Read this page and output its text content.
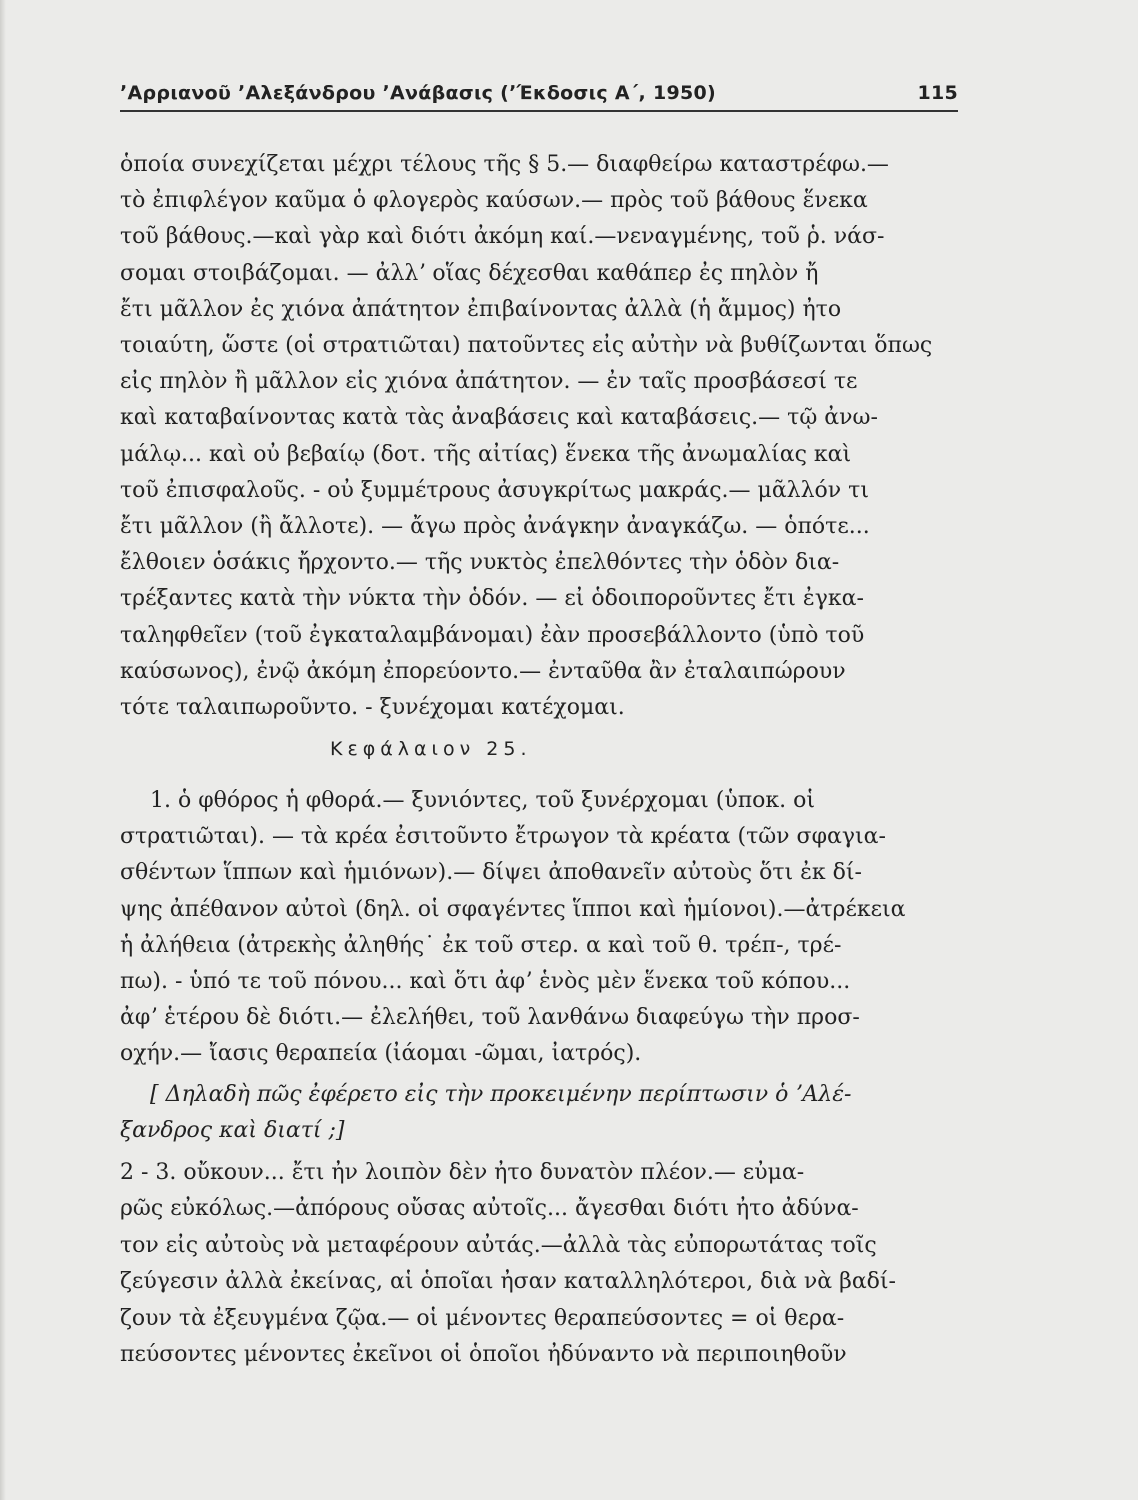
ʼΑρριανοῦ ʼΑλεξάνδρου ʼΑνάβασις (ʼΈκδοσις Α΄, 1950)	115
ὁποία συνεχίζεται μέχρι τέλους τῆς § 5.— διαφθείρω καταστρέφω.—
τὸ ἐπιφλέγον καῦμα ὁ φλογερὸς καύσων.— πρὸς τοῦ βάθους ἕνεκα
τοῦ βάθους.—καὶ γὰρ καὶ διότι ἀκόμη καί.—νεναγμένης, τοῦ ῥ. νάσ-
σομαι στοιβάζομαι. — ἀλλʼ οἵας δέχεσθαι καθάπερ ἐς πηλὸν ἤ
ἔτι μᾶλλον ἐς χιόνα ἀπάτητον ἐπιβαίνοντας ἀλλὰ (ἡ ἄμμος) ἦτο
τοιαύτη, ὥστε (οἱ στρατιῶται) πατοῦντες εἰς αὐτὴν νὰ βυθίζωνται ὅπως
εἰς πηλὸν ἢ μᾶλλον εἰς χιόνα ἀπάτητον. — ἐν ταῖς προσβάσεσί τε
καὶ καταβαίνοντας κατὰ τὰς ἀναβάσεις καὶ καταβάσεις.— τῷ ἀνω-
μάλῳ... καὶ οὐ βεβαίῳ (δοτ. τῆς αἰτίας) ἕνεκα τῆς ἀνωμαλίας καὶ
τοῦ ἐπισφαλοῦς. - οὐ ξυμμέτρους ἀσυγκρίτως μακράς.— μᾶλλόν τι
ἔτι μᾶλλον (ἢ ἄλλοτε). — ἄγω πρὸς ἀνάγκην ἀναγκάζω. — ὁπότε...
ἔλθοιεν ὁσάκις ἤρχοντο.— τῆς νυκτὸς ἐπελθόντες τὴν ὁδὸν δια-
τρέξαντες κατὰ τὴν νύκτα τὴν ὁδόν. — εἰ ὁδοιποροῦντες ἔτι ἐγκα-
ταληφθεῖεν (τοῦ ἐγκαταλαμβάνομαι) ἐὰν προσεβάλλοντο (ὑπὸ τοῦ
καύσωνος), ἐνῷ ἀκόμη ἐπορεύοντο.— ἐνταῦθα ἂν ἐταλαιπώρουν
τότε ταλαιπωροῦντο. - ξυνέχομαι κατέχομαι.
Κεφάλαιον 25.
1. ὁ φθόρος ἡ φθορά.— ξυνιόντες, τοῦ ξυνέρχομαι (ὑποκ. οἱ
στρατιῶται). — τὰ κρέα ἐσιτοῦντο ἔτρωγον τὰ κρέατα (τῶν σφαγια-
σθέντων ἵππων καὶ ἡμιόνων).— δίψει ἀποθανεῖν αὐτοὺς ὅτι ἐκ δί-
ψης ἀπέθανον αὐτοὶ (δηλ. οἱ σφαγέντες ἵπποι καὶ ἡμίονοι).—ἀτρέκεια
ἡ ἀλήθεια (ἀτρεκὴς ἀληθής˙ ἐκ τοῦ στερ. α καὶ τοῦ θ. τρέπ-, τρέ-
πω). - ὑπό τε τοῦ πόνου... καὶ ὅτι ἀφʼ ἑνὸς μὲν ἕνεκα τοῦ κόπου...
ἀφʼ ἑτέρου δὲ διότι.— ἐλελήθει, τοῦ λανθάνω διαφεύγω τὴν προσ-
οχήν.— ἴασις θεραπεία (ἰάομαι -ῶμαι, ἰατρός).
[ Δηλαδὴ πῶς ἐφέρετο εἰς τὴν προκειμένην περίπτωσιν ὁ ʼΑλέ-
ξανδρος καὶ διατί ;]
2 - 3. οὔκουν... ἔτι ἦν λοιπὸν δὲν ἦτο δυνατὸν πλέον.— εὐμα-
ρῶς εὐκόλως.—ἀπόρους οὔσας αὐτοῖς... ἄγεσθαι διότι ἦτο ἀδύνα-
τον εἰς αὐτοὺς νὰ μεταφέρουν αὐτάς.—ἀλλὰ τὰς εὐπορωτάτας τοῖς
ζεύγεσιν ἀλλὰ ἐκείνας, αἱ ὁποῖαι ἦσαν καταλληλότεροι, διὰ νὰ βαδί-
ζουν τὰ ἐξευγμένα ζῷα.— οἱ μένοντες θεραπεύσοντες = οἱ θερα-
πεύσοντες μένοντες ἐκεῖνοι οἱ ὁποῖοι ἠδύναντο νὰ περιποιηθοῦν
